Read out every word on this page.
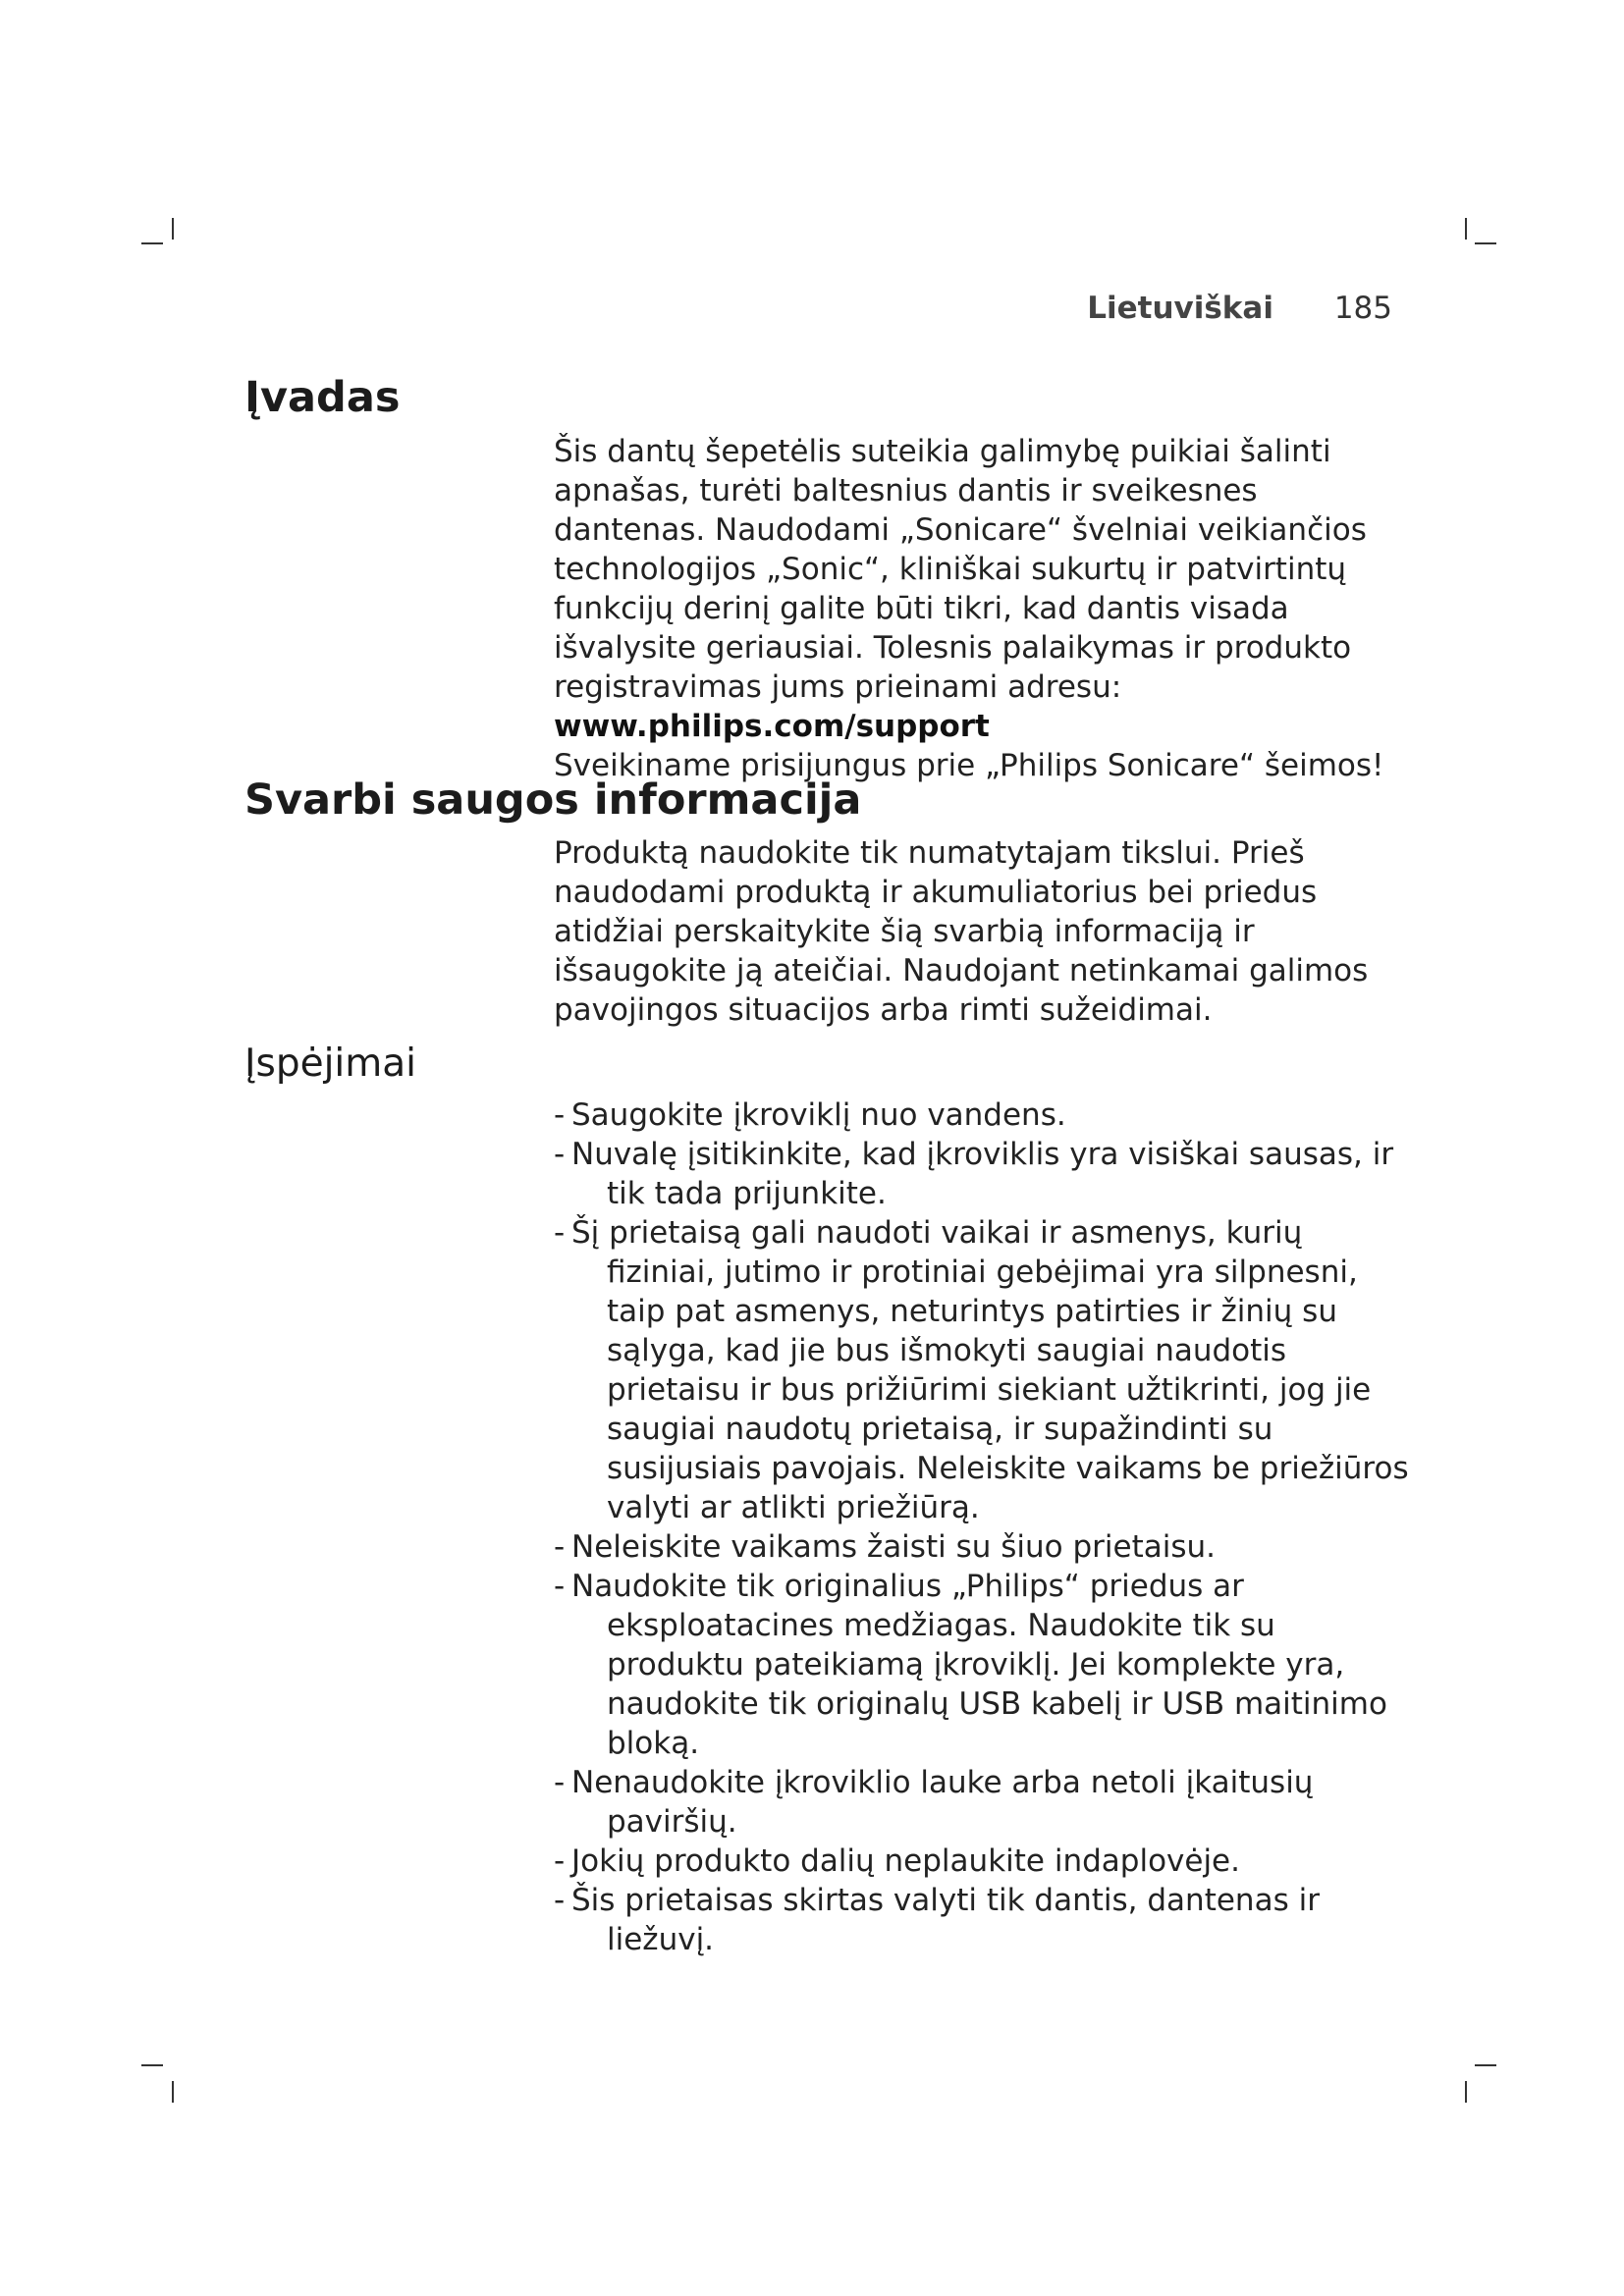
Lietuviškai 185
Įvadas

Šis dantų šepetėlis suteikia galimybę puikiai šalinti apnašas, turėti baltesnius dantis ir sveikesnes dantenas. Naudodami „Sonicare“ švelniai veikiančios technologijos „Sonic“, kliniškai sukurtų ir patvirtintų funkcijų derinį galite būti tikri, kad dantis visada išvalysite geriausiai. Tolesnis palaikymas ir produkto registravimas jums prieinami adresu: www.philips.com/support

Sveikiname prisijungus prie „Philips Sonicare“ šeimos!

Svarbi saugos informacija

Produktą naudokite tik numatytajam tikslui. Prieš naudodami produktą ir akumuliatorius bei priedus atidžiai perskaitykite šią svarbią informaciją ir išsaugokite ją ateičiai. Naudojant netinkamai galimos pavojingos situacijos arba rimti sužeidimai.

Įspėjimai
- Saugokite įkroviklį nuo vandens.
- Nuvalę įsitikinkite, kad įkroviklis yra visiškai sausas, ir tik tada prijunkite.
- Šį prietaisą gali naudoti vaikai ir asmenys, kurių fiziniai, jutimo ir protiniai gebėjimai yra silpnesni, taip pat asmenys, neturintys patirties ir žinių su sąlyga, kad jie bus išmokyti saugiai naudotis prietaisu ir bus prižiūrimi siekiant užtikrinti, jog jie saugiai naudotų prietaisą, ir supažindinti su susijusiais pavojais. Neleiskite vaikams be priežiūros valyti ar atlikti priežiūrą.
- Neleiskite vaikams žaisti su šiuo prietaisu.
- Naudokite tik originalius „Philips“ priedus ar eksploatacines medžiagas. Naudokite tik su produktu pateikiamą įkroviklį. Jei komplekte yra, naudokite tik originalų USB kabelį ir USB maitinimo bloką.
- Nenaudokite įkroviklio lauke arba netoli įkaitusių paviršių.
- Jokių produkto dalių neplaukite indaplovėje.
- Šis prietaisas skirtas valyti tik dantis, dantenas ir liežuvį.
